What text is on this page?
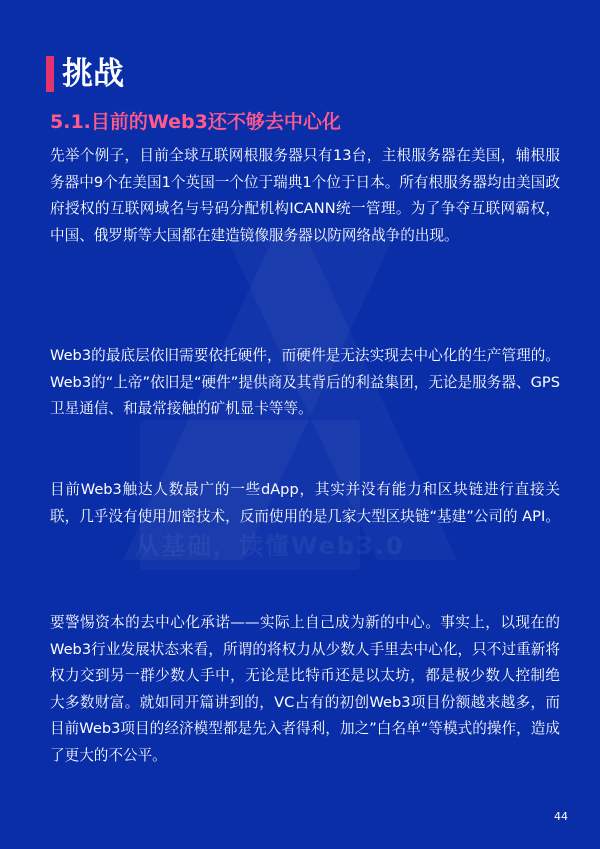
从基础，读懂Web3.0
挑战
5.1.目前的Web3还不够去中心化

先举个例子，目前全球互联网根服务器只有13台，主根服务器在美国，辅根服务器中9个在美国1个英国一个位于瑞典1个位于日本。所有根服务器均由美国政府授权的互联网域名与号码分配机构ICANN统一管理。为了争夺互联网霸权，中国、俄罗斯等大国都在建造镜像服务器以防网络战争的出现。

Web3的最底层依旧需要依托硬件，而硬件是无法实现去中心化的生产管理的。Web3的“上帝”依旧是“硬件”提供商及其背后的利益集团，无论是服务器、GPS卫星通信、和最常接触的矿机显卡等等。

目前Web3触达人数最广的一些dApp，其实并没有能力和区块链进行直接关联，几乎没有使用加密技术，反而使用的是几家大型区块链“基建”公司的 API。

要警惕资本的去中心化承诺——实际上自己成为新的中心。事实上，以现在的Web3行业发展状态来看，所谓的将权力从少数人手里去中心化，只不过重新将权力交到另一群少数人手中，无论是比特币还是以太坊，都是极少数人控制绝大多数财富。就如同开篇讲到的，VC占有的初创Web3项目份额越来越多，而目前Web3项目的经济模型都是先入者得利，加之”白名单“等模式的操作，造成了更大的不公平。

44
